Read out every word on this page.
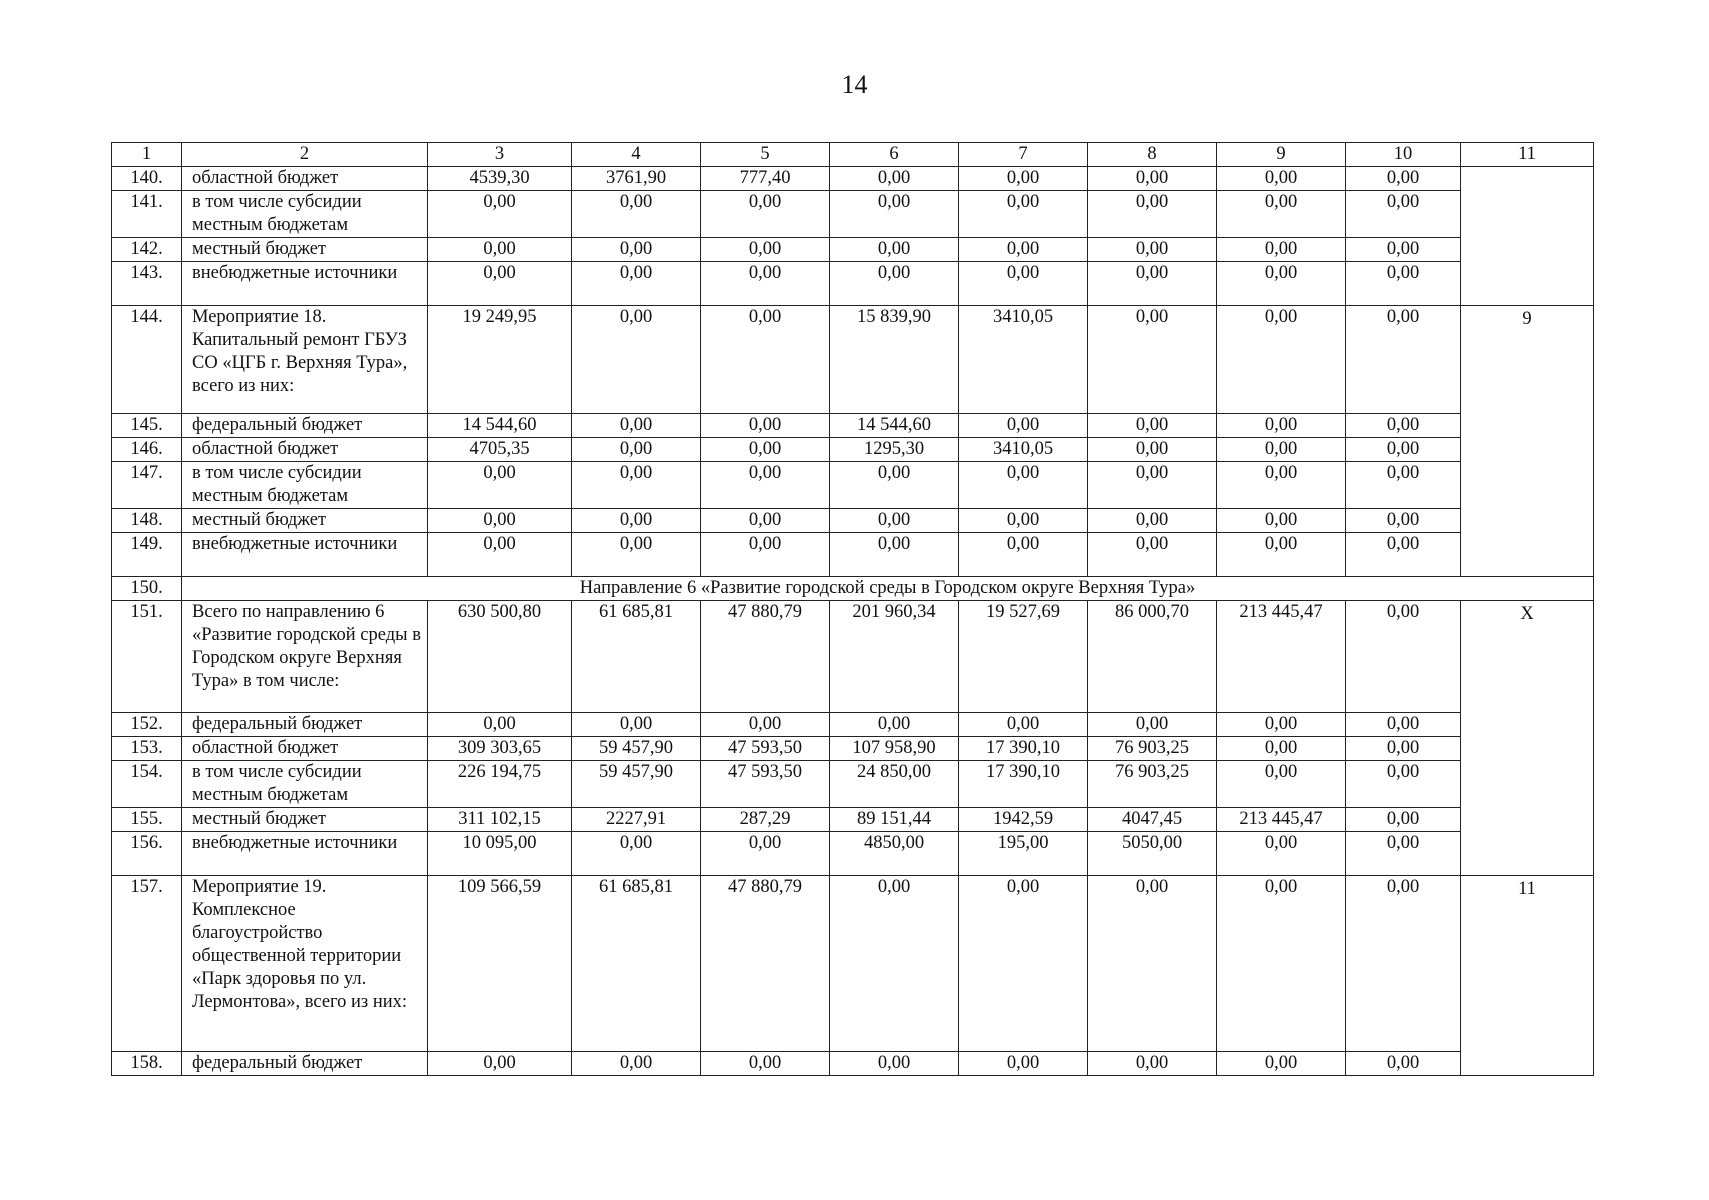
14
1	2	3	4	5	6	7	8	9	10	11
140.	областной бюджет	4539,30	3761,90	777,40	0,00	0,00	0,00	0,00	0,00	
141.	в том числе субсидии местным бюджетам	0,00	0,00	0,00	0,00	0,00	0,00	0,00	0,00	
142.	местный бюджет	0,00	0,00	0,00	0,00	0,00	0,00	0,00	0,00	
143.	внебюджетные источники	0,00	0,00	0,00	0,00	0,00	0,00	0,00	0,00	
144.	Мероприятие 18. Капитальный ремонт ГБУЗ СО «ЦГБ г. Верхняя Тура», всего из них:	19 249,95	0,00	0,00	15 839,90	3410,05	0,00	0,00	0,00	9
145.	федеральный бюджет	14 544,60	0,00	0,00	14 544,60	0,00	0,00	0,00	0,00	
146.	областной бюджет	4705,35	0,00	0,00	1295,30	3410,05	0,00	0,00	0,00	
147.	в том числе субсидии местным бюджетам	0,00	0,00	0,00	0,00	0,00	0,00	0,00	0,00	
148.	местный бюджет	0,00	0,00	0,00	0,00	0,00	0,00	0,00	0,00	
149.	внебюджетные источники	0,00	0,00	0,00	0,00	0,00	0,00	0,00	0,00	
150.	Направление 6 «Развитие городской среды в Городском округе Верхняя Тура»									
151.	Всего по направлению 6 «Развитие городской среды в Городском округе Верхняя Тура» в том числе:	630 500,80	61 685,81	47 880,79	201 960,34	19 527,69	86 000,70	213 445,47	0,00	Х
152.	федеральный бюджет	0,00	0,00	0,00	0,00	0,00	0,00	0,00	0,00	
153.	областной бюджет	309 303,65	59 457,90	47 593,50	107 958,90	17 390,10	76 903,25	0,00	0,00	
154.	в том числе субсидии местным бюджетам	226 194,75	59 457,90	47 593,50	24 850,00	17 390,10	76 903,25	0,00	0,00	
155.	местный бюджет	311 102,15	2227,91	287,29	89 151,44	1942,59	4047,45	213 445,47	0,00	
156.	внебюджетные источники	10 095,00	0,00	0,00	4850,00	195,00	5050,00	0,00	0,00	
157.	Мероприятие 19. Комплексное благоустройство общественной территории «Парк здоровья по ул. Лермонтова», всего из них:	109 566,59	61 685,81	47 880,79	0,00	0,00	0,00	0,00	0,00	11
158.	федеральный бюджет	0,00	0,00	0,00	0,00	0,00	0,00	0,00	0,00	
